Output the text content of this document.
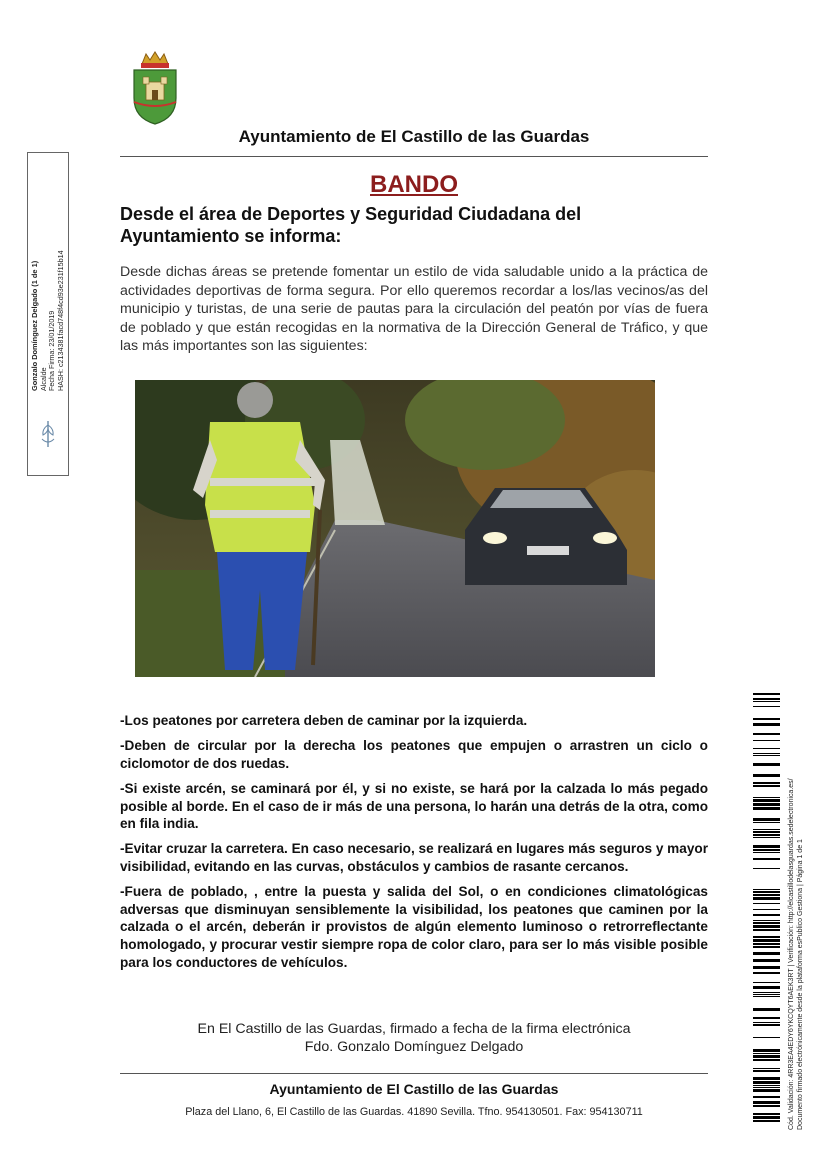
Ayuntamiento de El Castillo de las Guardas
BANDO
Desde el área de Deportes y Seguridad Ciudadana del Ayuntamiento se informa:
Desde dichas áreas se pretende fomentar un estilo de vida saludable unido a la práctica de actividades deportivas de forma segura. Por ello queremos recordar a los/las vecinos/as del municipio y turistas, de una serie de pautas para la circulación del peatón por vías de fuera de poblado y que están recogidas en la normativa de la Dirección General de Tráfico, y que las más importantes son las siguientes:

-Los peatones por carretera deben de caminar por la izquierda.

-Deben de circular por la derecha los peatones que empujen o arrastren un ciclo o ciclomotor de dos ruedas.

-Si existe arcén, se caminará por él, y si no existe, se hará por la calzada lo más pegado posible al borde. En el caso de ir más de una persona, lo harán una detrás de la otra, como en fila india.

-Evitar cruzar la carretera. En caso necesario, se realizará en lugares más seguros y mayor visibilidad, evitando en las curvas, obstáculos y cambios de rasante cercanos.

-Fuera de poblado, , entre la puesta y salida del Sol, o en condiciones climatológicas adversas que disminuyan sensiblemente la visibilidad, los peatones que caminen por la calzada o el arcén, deberán ir provistos de algún elemento luminoso o retrorreflectante homologado, y procurar vestir siempre ropa de color claro, para ser lo más visible posible para los conductores de vehículos.

En El Castillo de las Guardas, firmado a fecha de la firma electrónica
Fdo. Gonzalo Domínguez Delgado
Ayuntamiento de El Castillo de las Guardas
Plaza del Llano, 6, El Castillo de las Guardas. 41890 Sevilla. Tfno. 954130501. Fax: 954130711
Gonzalo Domínguez Delgado (1 de 1) Alcalde Fecha Firma: 23/01/2019 HASH: c2134381facd748f4cd93e231f15b14
Cód. Validación: 4RR3EA4EDY6YKCQYT6AEK3RT | Verificación: http://elcastillodelasguardas.sedelectronica.es/ Documento firmado electrónicamente desde la plataforma esPublico Gestiona | Página 1 de 1
